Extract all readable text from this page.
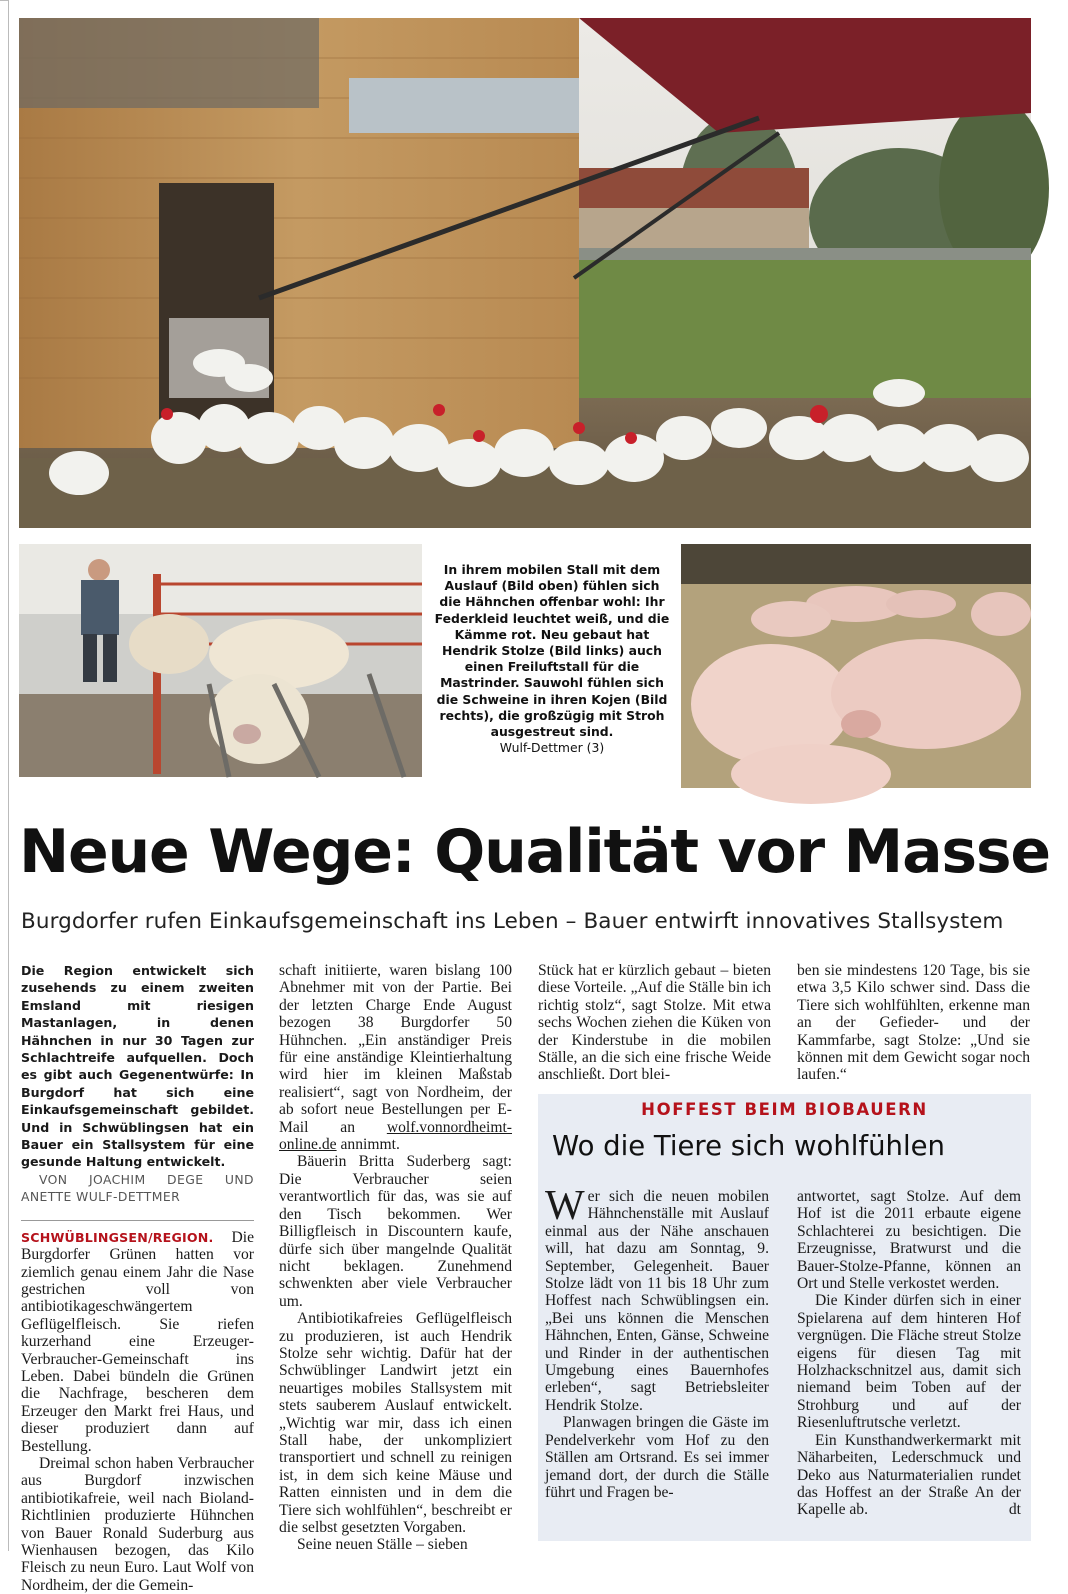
In ihrem mobilen Stall mit dem Auslauf (Bild oben) fühlen sich die Hähnchen offenbar wohl: Ihr Federkleid leuchtet weiß, und die Kämme rot. Neu gebaut hat Hendrik Stolze (Bild links) auch einen Freiluftstall für die Mastrinder. Sauwohl fühlen sich die Schweine in ihren Kojen (Bild rechts), die großzügig mit Stroh ausgestreut sind.
Wulf-Dettmer (3)
Neue Wege: Qualität vor Masse
Burgdorfer rufen Einkaufsgemeinschaft ins Leben – Bauer entwirft innovatives Stallsystem

Die Region entwickelt sich zusehends zu einem zweiten Emsland mit riesigen Mastanlagen, in denen Hähnchen in nur 30 Tagen zur Schlachtreife aufquellen. Doch es gibt auch Gegenentwürfe: In Burgdorf hat sich eine Einkaufsgemeinschaft gebildet. Und in Schwüblingsen hat ein Bauer ein Stallsystem für eine gesunde Haltung entwickelt.

VON JOACHIM DEGE UND ANETTE WULF-DETTMER

SCHWÜBLINGSEN/REGION. Die Burgdorfer Grünen hatten vor ziemlich genau einem Jahr die Nase gestrichen voll von antibiotikageschwängertem Geflügelfleisch. Sie riefen kurzerhand eine Erzeuger-Verbraucher-Gemeinschaft ins Leben. Dabei bündeln die Grünen die Nachfrage, bescheren dem Erzeuger den Markt frei Haus, und dieser produziert dann auf Bestellung.

Dreimal schon haben Verbraucher aus Burgdorf inzwischen antibiotikafreie, weil nach Bioland-Richtlinien produzierte Hühnchen von Bauer Ronald Suderburg aus Wienhausen bezogen, das Kilo Fleisch zu neun Euro. Laut Wolf von Nordheim, der die Gemein-

schaft initiierte, waren bislang 100 Abnehmer mit von der Partie. Bei der letzten Charge Ende August bezogen 38 Burgdorfer 50 Hühnchen. „Ein anständiger Preis für eine anständige Kleintierhaltung wird hier im kleinen Maßstab realisiert“, sagt von Nordheim, der ab sofort neue Bestellungen per E-Mail an wolf.vonnordheimt-online.de annimmt.

Bäuerin Britta Suderberg sagt: Die Verbraucher seien verantwortlich für das, was sie auf den Tisch bekommen. Wer Billigfleisch in Discountern kaufe, dürfe sich über mangelnde Qualität nicht beklagen. Zunehmend schwenkten aber viele Verbraucher um.

Antibiotikafreies Geflügelfleisch zu produzieren, ist auch Hendrik Stolze sehr wichtig. Dafür hat der Schwüblinger Landwirt jetzt ein neuartiges mobiles Stallsystem mit stets sauberem Auslauf entwickelt. „Wichtig war mir, dass ich einen Stall habe, der unkompliziert transportiert und schnell zu reinigen ist, in dem sich keine Mäuse und Ratten einnisten und in dem die Tiere sich wohlfühlen“, beschreibt er die selbst gesetzten Vorgaben.

Seine neuen Ställe – sieben

Stück hat er kürzlich gebaut – bieten diese Vorteile. „Auf die Ställe bin ich richtig stolz“, sagt Stolze. Mit etwa sechs Wochen ziehen die Küken von der Kinderstube in die mobilen Ställe, an die sich eine frische Weide anschließt. Dort blei-

ben sie mindestens 120 Tage, bis sie etwa 3,5 Kilo schwer sind. Dass die Tiere sich wohlfühlten, erkenne man an der Gefieder- und der Kammfarbe, sagt Stolze: „Und sie können mit dem Gewicht sogar noch laufen.“

HOFFEST BEIM BIOBAUERN
Wo die Tiere sich wohlfühlen

Wer sich die neuen mobilen Hähnchenställe mit Auslauf einmal aus der Nähe anschauen will, hat dazu am Sonntag, 9. September, Gelegenheit. Bauer Stolze lädt von 11 bis 18 Uhr zum Hoffest nach Schwüblingsen ein. „Bei uns können die Menschen Hähnchen, Enten, Gänse, Schweine und Rinder in der authentischen Umgebung eines Bauernhofes erleben“, sagt Betriebsleiter Hendrik Stolze.

Planwagen bringen die Gäste im Pendelverkehr vom Hof zu den Ställen am Ortsrand. Es sei immer jemand dort, der durch die Ställe führt und Fragen be-

antwortet, sagt Stolze. Auf dem Hof ist die 2011 erbaute eigene Schlachterei zu besichtigen. Die Erzeugnisse, Bratwurst und die Bauer-Stolze-Pfanne, können an Ort und Stelle verkostet werden.

Die Kinder dürfen sich in einer Spielarena auf dem hinteren Hof vergnügen. Die Fläche streut Stolze eigens für diesen Tag mit Holzhackschnitzel aus, damit sich niemand beim Toben auf der Strohburg und auf der Riesenluftrutsche verletzt.

Ein Kunsthandwerkermarkt mit Näharbeiten, Lederschmuck und Deko aus Naturmaterialien rundet das Hoffest an der Straße An der Kapelle ab.	dt
